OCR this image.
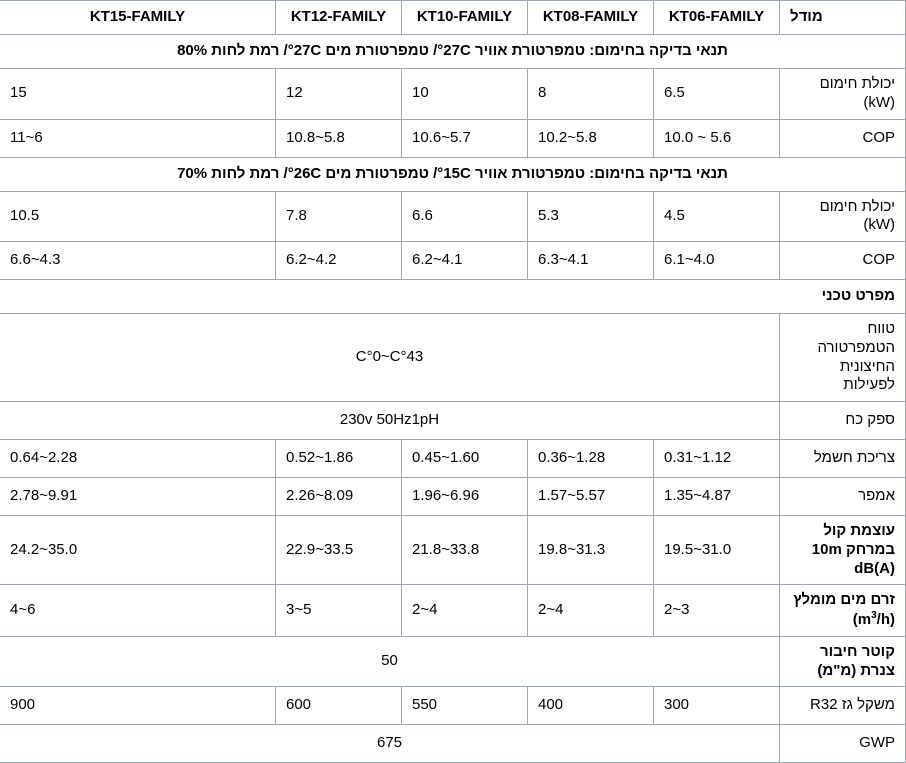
מודל	KT06-FAMILY	KT08-FAMILY	KT10-FAMILY	KT12-FAMILY	KT15-FAMILY
תנאי בדיקה בחימום: טמפרטורת אוויר 27C°/ טמפרטורת מים 27C°/ רמת לחות 80%					
יכולת חימום (kW)	6.5	8	10	12	15
COP	5.6 ~ 10.0	5.8~10.2	5.7~10.6	5.8~10.8	6~11
תנאי בדיקה בחימום: טמפרטורת אוויר 15C°/ טמפרטורת מים 26C°/ רמת לחות 70%					
יכולת חימום (kW)	4.5	5.3	6.6	7.8	10.5
COP	4.0~6.1	4.1~6.3	4.1~6.2	4.2~6.2	4.3~6.6
מפרט טכני					
טווח הטמפרטורה החיצונית לפעילות	C°0~C°43				
ספק כח	230v 50Hz1pH				
צריכת חשמל	1.12~0.31	1.28~0.36	1.60~0.45	1.86~0.52	2.28~0.64
אמפר	4.87~1.35	5.57~1.57	6.96~1.96	8.09~2.26	9.91~2.78
עוצמת קול במרחק 10m dB(A)	31.0~19.5	31.3~19.8	33.8~21.8	33.5~22.9	35.0~24.2
זרם מים מומלץ $(m^3/h)$	3~2	4~2	4~2	5~3	6~4
קוטר חיבור צנרת (מ"מ)	50				
משקל גז R32	300	400	550	600	900
GWP	675				
